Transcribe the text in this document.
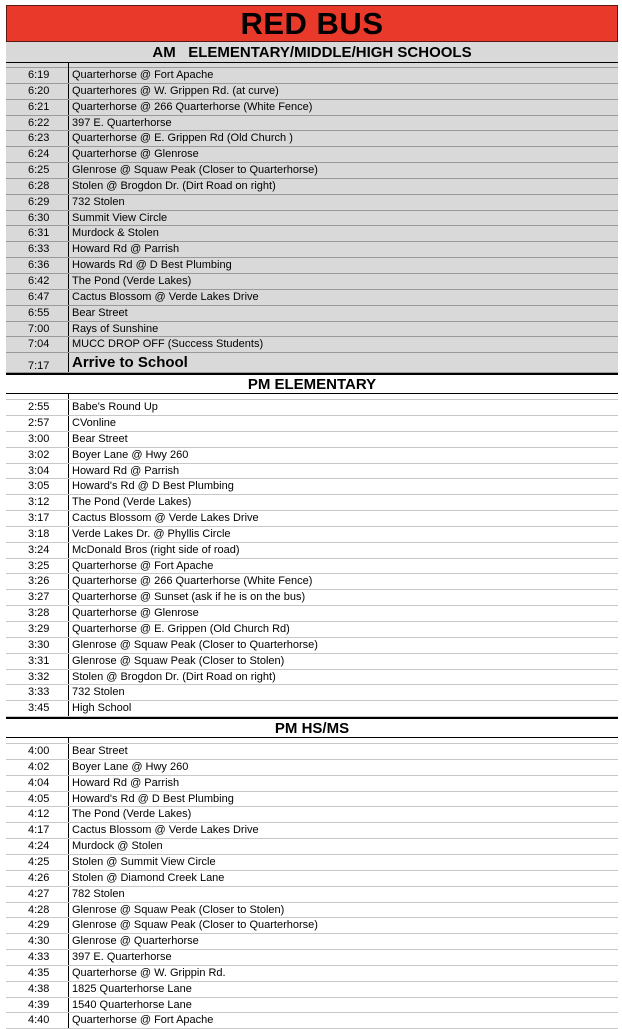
RED BUS
AM   ELEMENTARY/MIDDLE/HIGH SCHOOLS
6:19	Quarterhorse @ Fort Apache
6:20	Quarterhores @ W. Grippen Rd. (at curve)
6:21	Quarterhorse @ 266 Quarterhorse (White Fence)
6:22	397 E. Quarterhorse
6:23	Quarterhorse @ E. Grippen Rd (Old Church )
6:24	Quarterhorse @ Glenrose
6:25	Glenrose @ Squaw Peak (Closer to Quarterhorse)
6:28	Stolen @ Brogdon Dr. (Dirt Road on right)
6:29	732 Stolen
6:30	Summit View Circle
6:31	Murdock & Stolen
6:33	Howard Rd @ Parrish
6:36	Howards Rd @ D Best Plumbing
6:42	The Pond (Verde Lakes)
6:47	Cactus Blossom @ Verde Lakes Drive
6:55	Bear Street
7:00	Rays of Sunshine
7:04	MUCC DROP OFF (Success Students)
7:17	Arrive to School
PM ELEMENTARY
2:55	Babe's Round Up
2:57	CVonline
3:00	Bear Street
3:02	Boyer Lane @ Hwy 260
3:04	Howard Rd @ Parrish
3:05	Howard's Rd @ D Best Plumbing
3:12	The Pond (Verde Lakes)
3:17	Cactus Blossom @ Verde Lakes Drive
3:18	Verde Lakes Dr. @ Phyllis Circle
3:24	McDonald Bros (right side of road)
3:25	Quarterhorse @ Fort Apache
3:26	Quarterhorse @ 266 Quarterhorse (White Fence)
3:27	Quarterhorse @ Sunset (ask if he is on the bus)
3:28	Quarterhorse @ Glenrose
3:29	Quarterhorse @ E. Grippen (Old Church Rd)
3:30	Glenrose @ Squaw Peak (Closer to Quarterhorse)
3:31	Glenrose @ Squaw Peak (Closer to Stolen)
3:32	Stolen @ Brogdon Dr. (Dirt Road on right)
3:33	732 Stolen
3:45	High School
PM HS/MS
4:00	Bear Street
4:02	Boyer Lane @ Hwy 260
4:04	Howard Rd @ Parrish
4:05	Howard's Rd @ D Best Plumbing
4:12	The Pond (Verde Lakes)
4:17	Cactus Blossom @ Verde Lakes Drive
4:24	Murdock @ Stolen
4:25	Stolen @ Summit View Circle
4:26	Stolen @ Diamond Creek Lane
4:27	782 Stolen
4:28	Glenrose @ Squaw Peak (Closer to Stolen)
4:29	Glenrose @ Squaw Peak (Closer to Quarterhorse)
4:30	Glenrose @ Quarterhorse
4:33	397 E. Quarterhorse
4:35	Quarterhorse @ W. Grippin Rd.
4:38	1825 Quarterhorse Lane
4:39	1540 Quarterhorse Lane
4:40	Quarterhorse @ Fort Apache
